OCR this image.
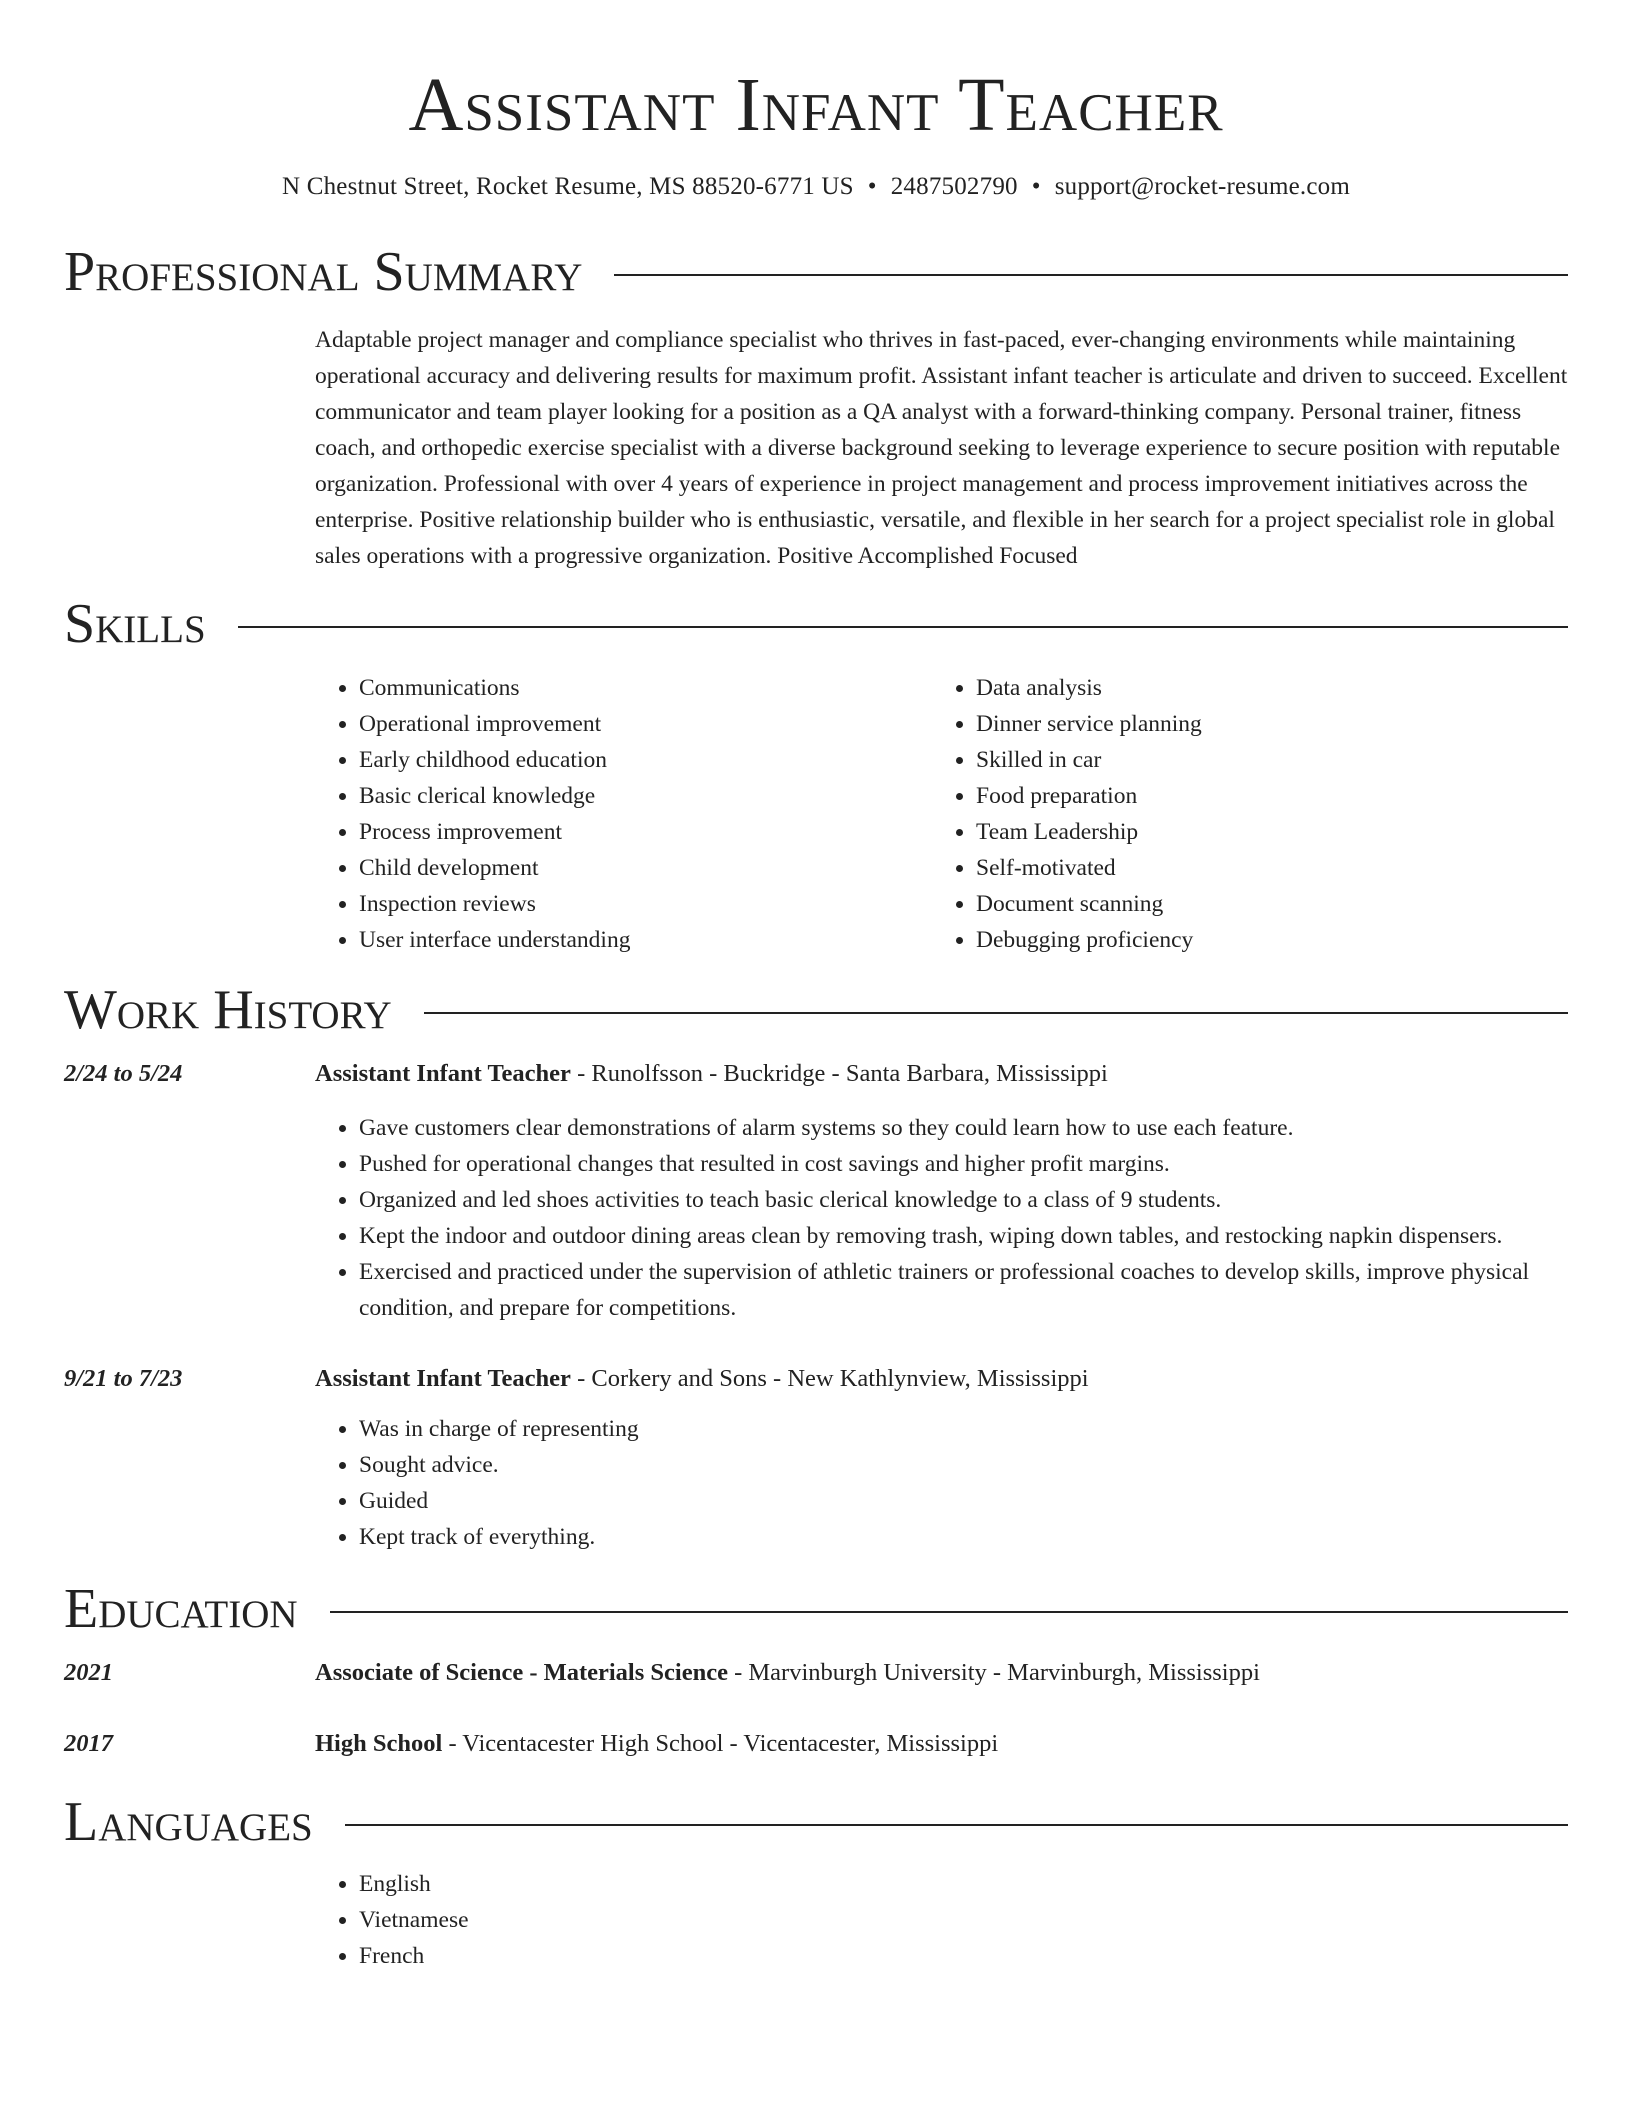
Assistant Infant Teacher
N Chestnut Street, Rocket Resume, MS 88520-6771 US • 2487502790 • support@rocket-resume.com
Professional Summary

Adaptable project manager and compliance specialist who thrives in fast-paced, ever-changing environments while maintaining operational accuracy and delivering results for maximum profit. Assistant infant teacher is articulate and driven to succeed. Excellent communicator and team player looking for a position as a QA analyst with a forward-thinking company. Personal trainer, fitness coach, and orthopedic exercise specialist with a diverse background seeking to leverage experience to secure position with reputable organization. Professional with over 4 years of experience in project management and process improvement initiatives across the enterprise. Positive relationship builder who is enthusiastic, versatile, and flexible in her search for a project specialist role in global sales operations with a progressive organization. Positive Accomplished Focused

Skills
• Communications
• Operational improvement
• Early childhood education
• Basic clerical knowledge
• Process improvement
• Child development
• Inspection reviews
• User interface understanding
• Data analysis
• Dinner service planning
• Skilled in car
• Food preparation
• Team Leadership
• Self-motivated
• Document scanning
• Debugging proficiency
Work History
2/24 to 5/24	Assistant Infant Teacher - Runolfsson - Buckridge - Santa Barbara, Mississippi
• Gave customers clear demonstrations of alarm systems so they could learn how to use each feature.
• Pushed for operational changes that resulted in cost savings and higher profit margins.
• Organized and led shoes activities to teach basic clerical knowledge to a class of 9 students.
• Kept the indoor and outdoor dining areas clean by removing trash, wiping down tables, and restocking napkin dispensers.
• Exercised and practiced under the supervision of athletic trainers or professional coaches to develop skills, improve physical condition, and prepare for competitions.
9/21 to 7/23	Assistant Infant Teacher - Corkery and Sons - New Kathlynview, Mississippi
• Was in charge of representing
• Sought advice.
• Guided
• Kept track of everything.
Education
2021	Associate of Science - Materials Science - Marvinburgh University - Marvinburgh, Mississippi
2017	High School - Vicentacester High School - Vicentacester, Mississippi
Languages
• English
• Vietnamese
• French
